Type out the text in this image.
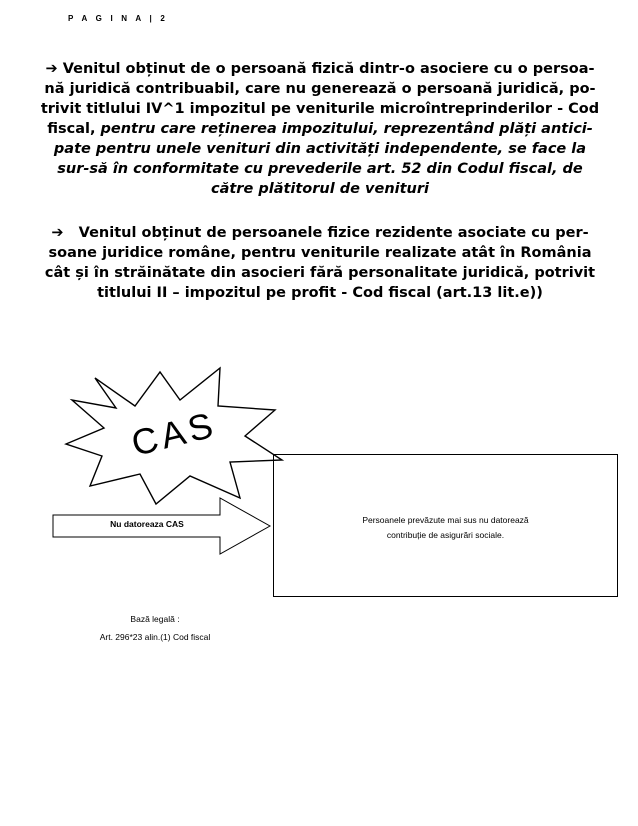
P A G I N A | 2
➔ Venitul obținut de o persoană fizică dintr-o asociere cu o persoa-nă juridică contribuabil, care nu generează o persoană juridică, po-trivit titlului IV^1 impozitul pe veniturile microîntreprinderilor - Cod fiscal, pentru care reținerea impozitului, reprezentând plăți antici-pate pentru unele venituri din activități independente, se face la sur-să în conformitate cu prevederile art. 52 din Codul fiscal, de către plătitorul de venituri
➔ Venitul obținut de persoanele fizice rezidente asociate cu per-soane juridice române, pentru veniturile realizate atât în România cât și în străinătate din asocieri fără personalitate juridică, potrivit titlului II – impozitul pe profit - Cod fiscal (art.13 lit.e))
CAS
Nu datoreaza CAS	Persoanele prevăzute mai sus nu datorează
contribuție de asigurări sociale.
Bază legală :
Art. 296*23 alin.(1) Cod fiscal
